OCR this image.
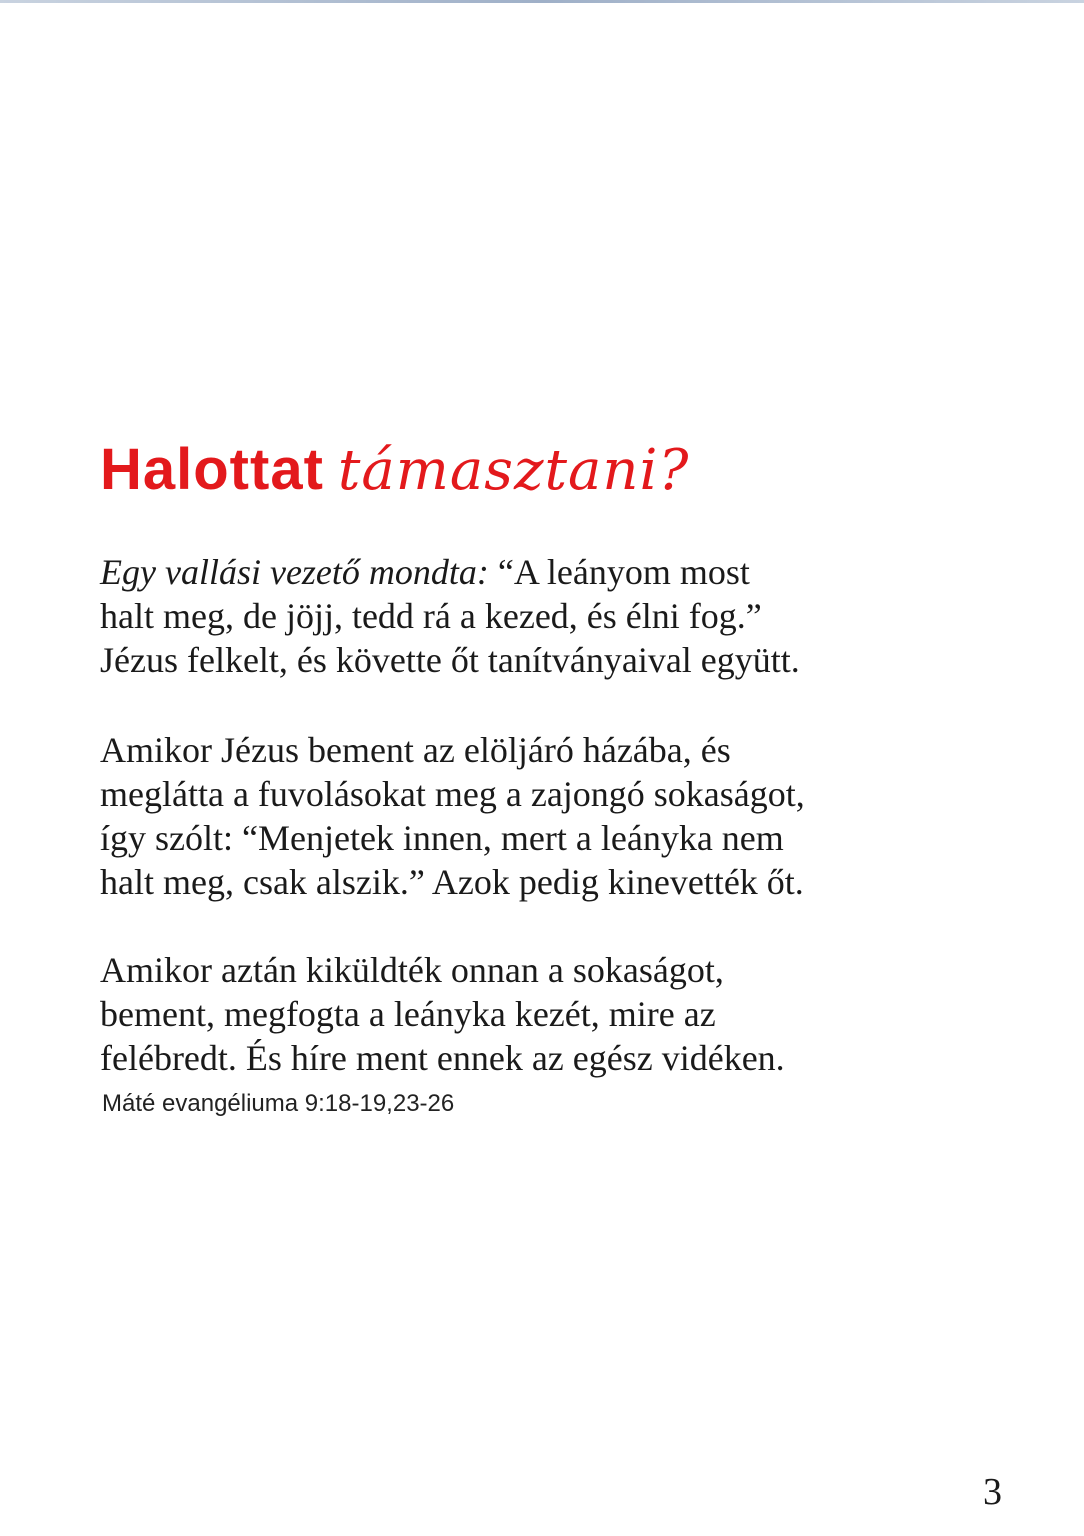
Halottat támasztani?
Egy vallási vezető mondta: “A leányom most
halt meg, de jöjj, tedd rá a kezed, és élni fog.”
Jézus felkelt, és követte őt tanítványaival együtt.
Amikor Jézus bement az elöljáró házába, és
meglátta a fuvolásokat meg a zajongó sokaságot,
így szólt: “Menjetek innen, mert a leányka nem
halt meg, csak alszik.” Azok pedig kinevették őt.
Amikor aztán kiküldték onnan a sokaságot,
bement, megfogta a leányka kezét, mire az
felébredt. És híre ment ennek az egész vidéken.
Máté evangéliuma 9:18-19,23-26
3
